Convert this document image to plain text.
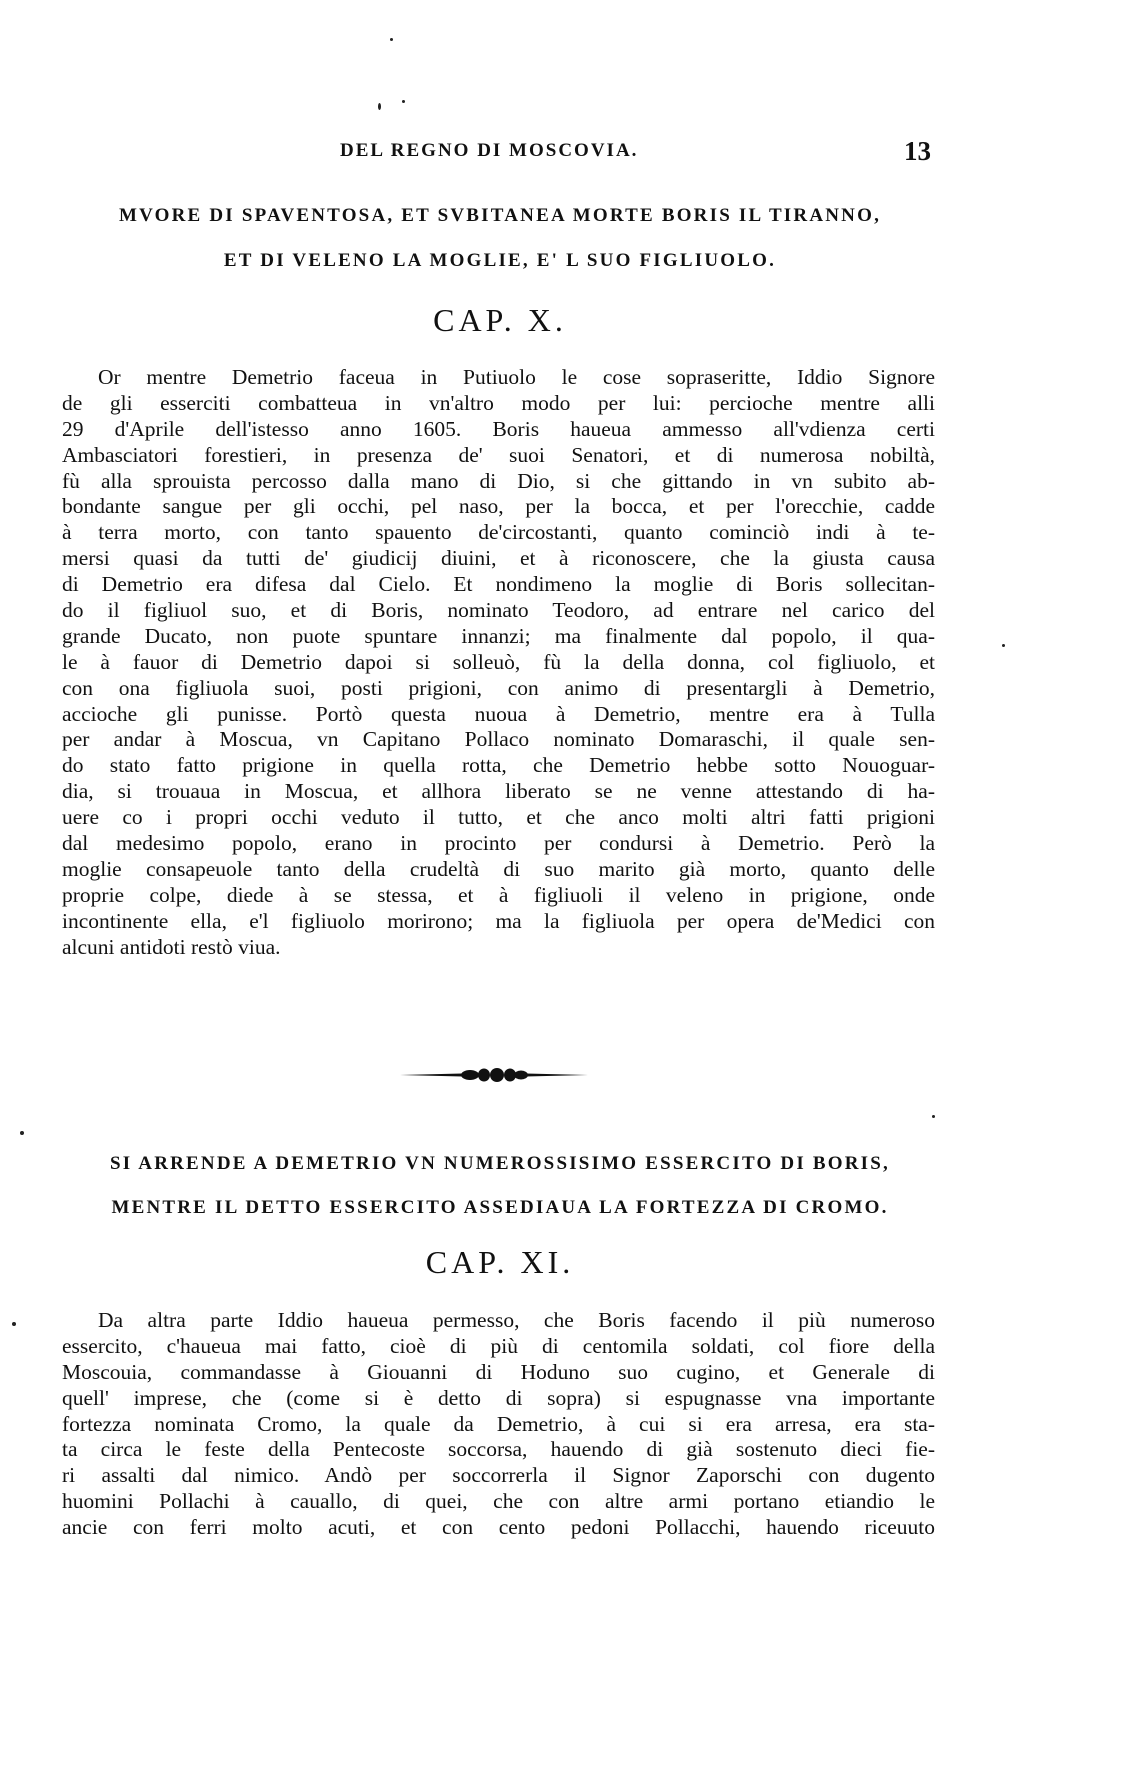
DEL REGNO DI MOSCOVIA.	13
MVORE DI SPAVENTOSA, ET SVBITANEA MORTE BORIS IL TIRANNO,
ET DI VELENO LA MOGLIE, E' L SUO FIGLIUOLO.
CAP. X.
Or mentre Demetrio faceua in Putiuolo le cose sopraseritte, Iddio Signore
de gli esserciti combatteua in vn'altro modo per lui: percioche mentre alli
29 d'Aprile dell'istesso anno 1605. Boris haueua ammesso all'vdienza certi
Ambasciatori forestieri, in presenza de' suoi Senatori, et di numerosa nobiltà,
fù alla sprouista percosso dalla mano di Dio, si che gittando in vn subito ab-
bondante sangue per gli occhi, pel naso, per la bocca, et per l'orecchie, cadde
à terra morto, con tanto spauento de'circostanti, quanto cominciò indi à te-
mersi quasi da tutti de' giudicij diuini, et à riconoscere, che la giusta causa
di Demetrio era difesa dal Cielo. Et nondimeno la moglie di Boris sollecitan-
do il figliuol suo, et di Boris, nominato Teodoro, ad entrare nel carico del
grande Ducato, non puote spuntare innanzi; ma finalmente dal popolo, il qua-
le à fauor di Demetrio dapoi si solleuò, fù la della donna, col figliuolo, et
con ona figliuola suoi, posti prigioni, con animo di presentargli à Demetrio,
accioche gli punisse. Portò questa nuoua à Demetrio, mentre era à Tulla
per andar à Moscua, vn Capitano Pollaco nominato Domaraschi, il quale sen-
do stato fatto prigione in quella rotta, che Demetrio hebbe sotto Nouoguar-
dia, si trouaua in Moscua, et allhora liberato se ne venne attestando di ha-
uere co i propri occhi veduto il tutto, et che anco molti altri fatti prigioni
dal medesimo popolo, erano in procinto per condursi à Demetrio. Però la
moglie consapeuole tanto della crudeltà di suo marito già morto, quanto delle
proprie colpe, diede à se stessa, et à figliuoli il veleno in prigione, onde
incontinente ella, e'l figliuolo morirono; ma la figliuola per opera de'Medici con
alcuni antidoti restò viua.
SI ARRENDE A DEMETRIO VN NUMEROSSISIMO ESSERCITO DI BORIS,
MENTRE IL DETTO ESSERCITO ASSEDIAUA LA FORTEZZA DI CROMO.
CAP. XI.
Da altra parte Iddio haueua permesso, che Boris facendo il più numeroso
essercito, c'haueua mai fatto, cioè di più di centomila soldati, col fiore della
Moscouia, commandasse à Giouanni di Hoduno suo cugino, et Generale di
quell' imprese, che (come si è detto di sopra) si espugnasse vna importante
fortezza nominata Cromo, la quale da Demetrio, à cui si era arresa, era sta-
ta circa le feste della Pentecoste soccorsa, hauendo di già sostenuto dieci fie-
ri assalti dal nimico. Andò per soccorrerla il Signor Zaporschi con dugento
huomini Pollachi à cauallo, di quei, che con altre armi portano etiandio le
ancie con ferri molto acuti, et con cento pedoni Pollacchi, hauendo riceuuto
